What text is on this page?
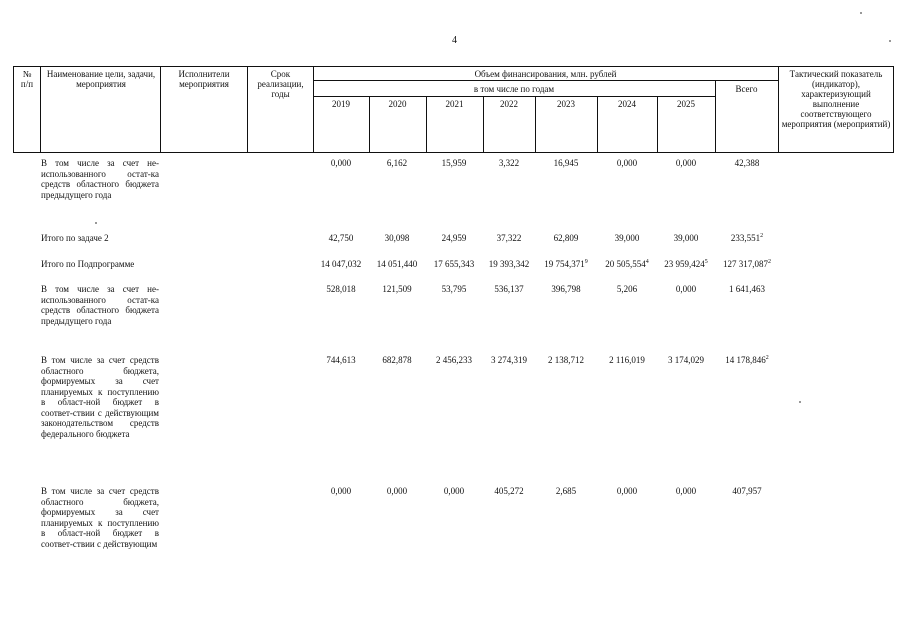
4
№
п/п
Наименование цели, задачи, мероприятия
Исполнители мероприятия
Срок реализации, годы
Объем финансирования, млн. рублей
в том числе по годам
2019	2020	2021	2022	2023	2024	2025
Всего
Тактический показатель (индикатор), характеризующий выполнение соответствующего мероприятия (мероприятий)
В том числе за счет не-использованного остат-ка средств областного бюджета предыдущего года
0,000	6,162	15,959	3,322	16,945	0,000	0,000	42,388
Итого по задаче 2	42,750	30,098	24,959	37,322	62,809	39,000	39,000	233,551$^2$
Итого по Подпрограмме	14 047,032	14 051,440	17 655,343	19 393,342	19 754,371$^9$	20 505,554$^4$	23 959,424$^5$	127 317,087$^2$
В том числе за счет не-использованного остат-ка средств областного бюджета предыдущего года
528,018	121,509	53,795	536,137	396,798	5,206	0,000	1 641,463
В том числе за счет средств областного бюджета, формируемых за счет планируемых к поступлению в област-ной бюджет в соответ-ствии с действующим законодательством средств федерального бюджета
744,613	682,878	2 456,233	3 274,319	2 138,712	2 116,019	3 174,029	14 178,846$^2$
В том числе за счет средств областного бюджета, формируемых за счет планируемых к поступлению в област-ной бюджет в соответ-ствии с действующим
0,000	0,000	0,000	405,272	2,685	0,000	0,000	407,957
